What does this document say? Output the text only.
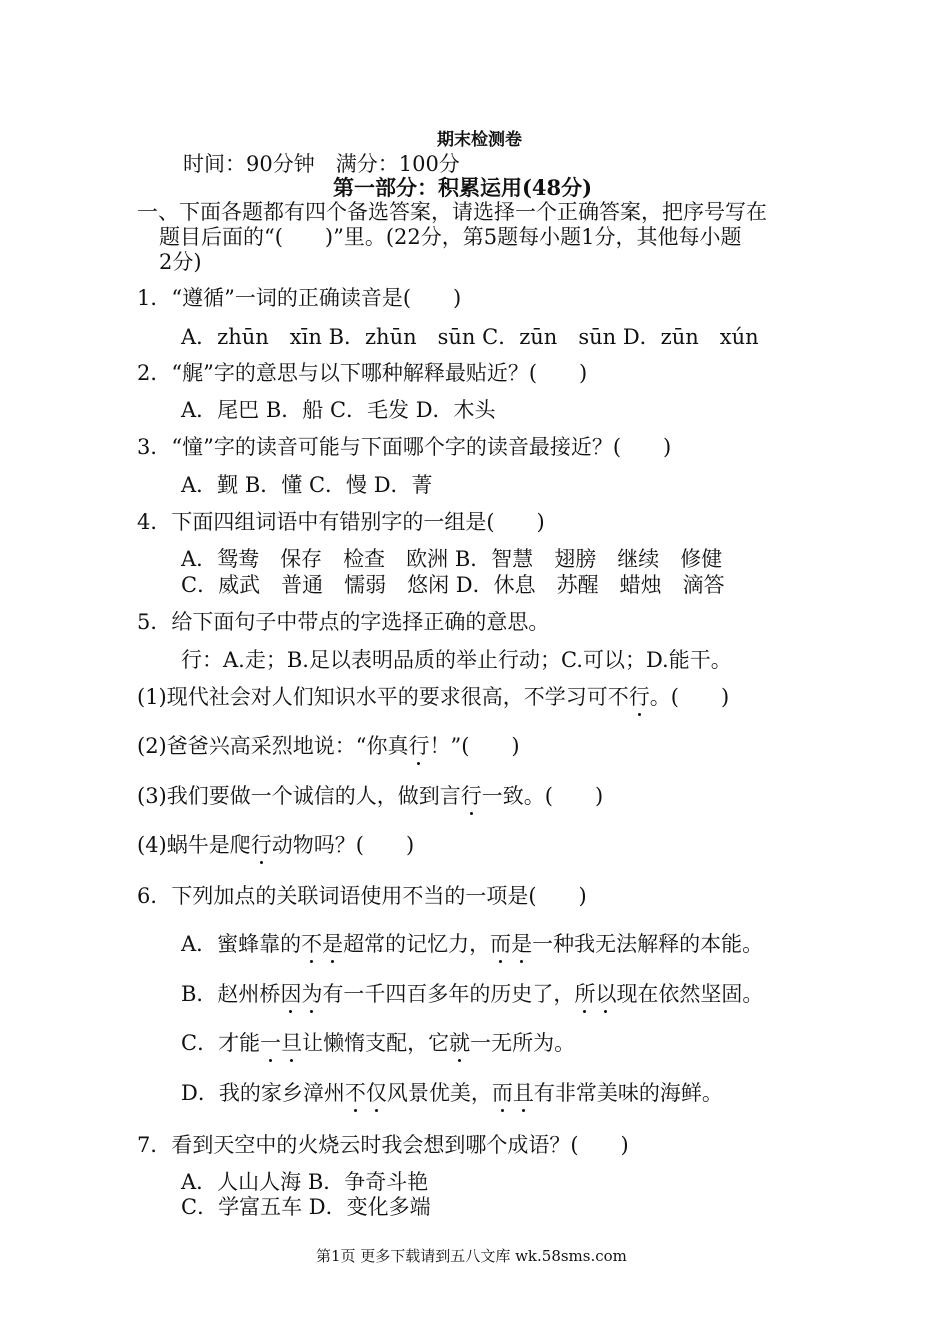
期末检测卷
时间：90分钟　满分：100分
第一部分：积累运用(48分)
一、下面各题都有四个备选答案，请选择一个正确答案，把序号写在
题目后面的“(　　)”里。(22分，第5题每小题1分，其他每小题
2分)
1．“遵循”一词的正确读音是(　　)
A．zhūn　xīn B．zhūn　sūn C．zūn　sūn D．zūn　xún
2．“艉”字的意思与以下哪种解释最贴近？(　　)
A．尾巴 B．船 C．毛发 D．木头
3．“憧”字的读音可能与下面哪个字的读音最接近？(　　)
A．觐 B．懂 C．慢 D．菁
4．下面四组词语中有错别字的一组是(　　)
A．鸳鸯　保存　检查　欧洲 B．智慧　翅膀　继续　修健
C．威武　普通　懦弱　悠闲 D．休息　苏醒　蜡烛　滴答
5．给下面句子中带点的字选择正确的意思。
行：A.走；B.足以表明品质的举止行动；C.可以；D.能干。
(1)现代社会对人们知识水平的要求很高，不学习可不行。(　　)
(2)爸爸兴高采烈地说：“你真行！”(　　)
(3)我们要做一个诚信的人，做到言行一致。(　　)
(4)蜗牛是爬行动物吗？(　　)
6．下列加点的关联词语使用不当的一项是(　　)
A．蜜蜂靠的不是超常的记忆力，而是一种我无法解释的本能。
B．赵州桥因为有一千四百多年的历史了，所以现在依然坚固。
C．才能一旦让懒惰支配，它就一无所为。
D．我的家乡漳州不仅风景优美，而且有非常美味的海鲜。
7．看到天空中的火烧云时我会想到哪个成语？(　　)
A．人山人海 B．争奇斗艳
C．学富五车 D．变化多端
第1页 更多下载请到五八文库 wk.58sms.com
